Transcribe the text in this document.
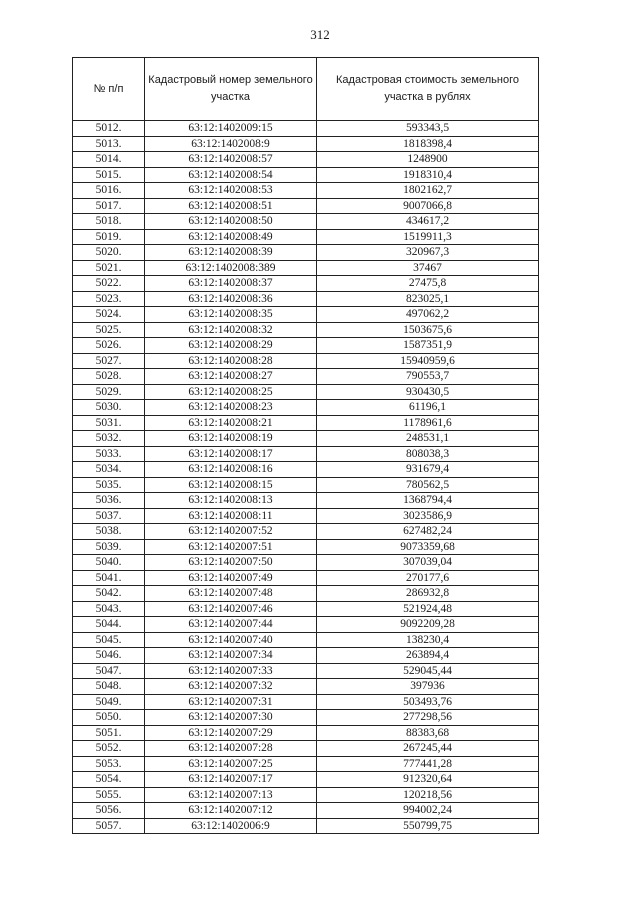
312
№ п/п	Кадастровый номер земельного участка	Кадастровая стоимость земельного участка в рублях
5012.	63:12:1402009:15	593343,5
5013.	63:12:1402008:9	1818398,4
5014.	63:12:1402008:57	1248900
5015.	63:12:1402008:54	1918310,4
5016.	63:12:1402008:53	1802162,7
5017.	63:12:1402008:51	9007066,8
5018.	63:12:1402008:50	434617,2
5019.	63:12:1402008:49	1519911,3
5020.	63:12:1402008:39	320967,3
5021.	63:12:1402008:389	37467
5022.	63:12:1402008:37	27475,8
5023.	63:12:1402008:36	823025,1
5024.	63:12:1402008:35	497062,2
5025.	63:12:1402008:32	1503675,6
5026.	63:12:1402008:29	1587351,9
5027.	63:12:1402008:28	15940959,6
5028.	63:12:1402008:27	790553,7
5029.	63:12:1402008:25	930430,5
5030.	63:12:1402008:23	61196,1
5031.	63:12:1402008:21	1178961,6
5032.	63:12:1402008:19	248531,1
5033.	63:12:1402008:17	808038,3
5034.	63:12:1402008:16	931679,4
5035.	63:12:1402008:15	780562,5
5036.	63:12:1402008:13	1368794,4
5037.	63:12:1402008:11	3023586,9
5038.	63:12:1402007:52	627482,24
5039.	63:12:1402007:51	9073359,68
5040.	63:12:1402007:50	307039,04
5041.	63:12:1402007:49	270177,6
5042.	63:12:1402007:48	286932,8
5043.	63:12:1402007:46	521924,48
5044.	63:12:1402007:44	9092209,28
5045.	63:12:1402007:40	138230,4
5046.	63:12:1402007:34	263894,4
5047.	63:12:1402007:33	529045,44
5048.	63:12:1402007:32	397936
5049.	63:12:1402007:31	503493,76
5050.	63:12:1402007:30	277298,56
5051.	63:12:1402007:29	88383,68
5052.	63:12:1402007:28	267245,44
5053.	63:12:1402007:25	777441,28
5054.	63:12:1402007:17	912320,64
5055.	63:12:1402007:13	120218,56
5056.	63:12:1402007:12	994002,24
5057.	63:12:1402006:9	550799,75
